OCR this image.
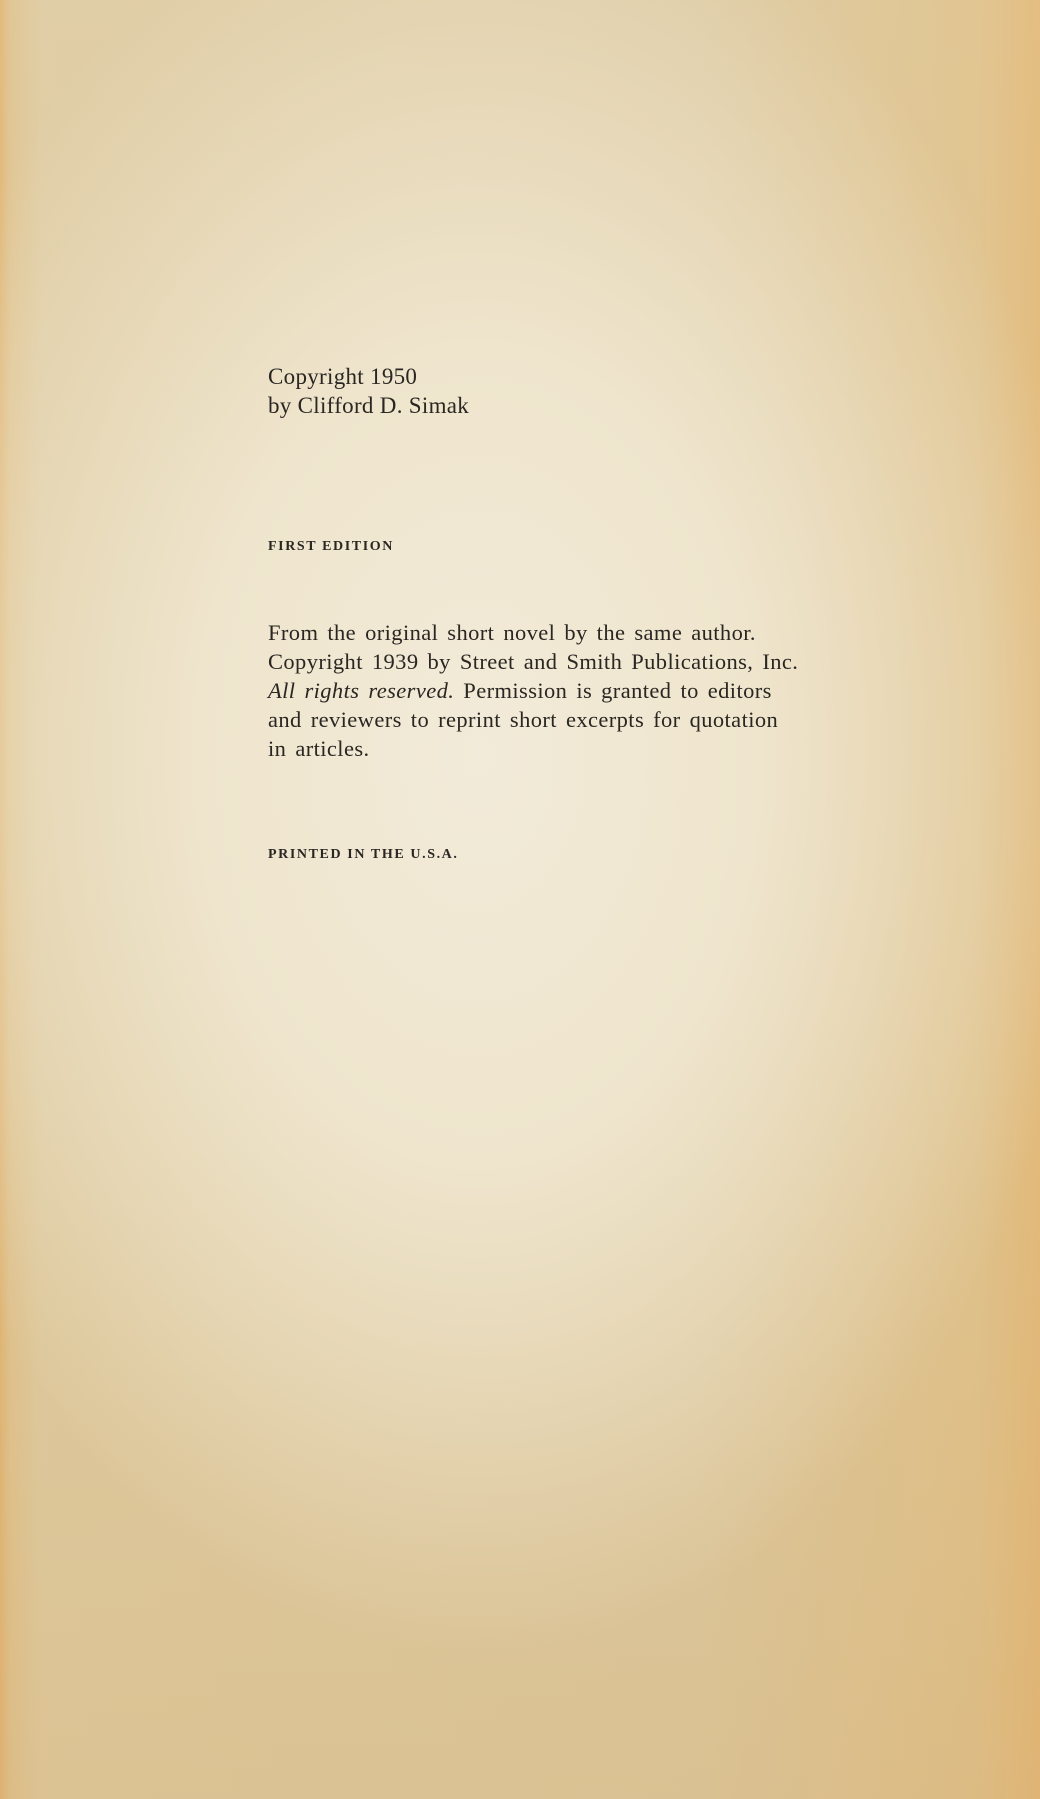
Copyright 1950
by Clifford D. Simak
FIRST EDITION
From the original short novel by the same author.
Copyright 1939 by Street and Smith Publications, Inc.
All rights reserved. Permission is granted to editors
and reviewers to reprint short excerpts for quotation
in articles.
PRINTED IN THE U.S.A.
